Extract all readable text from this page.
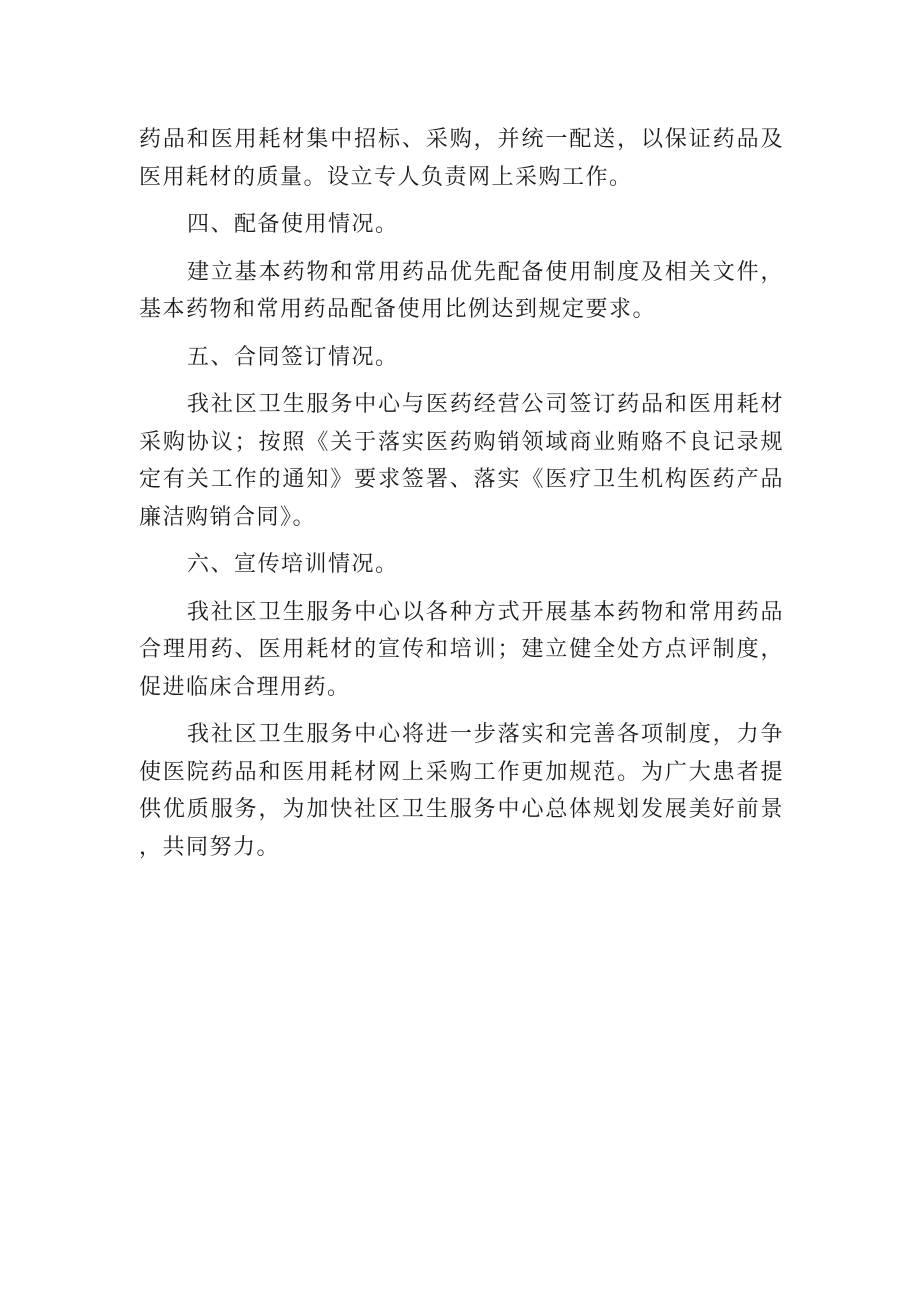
药品和医用耗材集中招标、采购，并统一配送，以保证药品及医用耗材的质量。设立专人负责网上采购工作。

四、配备使用情况。

建立基本药物和常用药品优先配备使用制度及相关文件，基本药物和常用药品配备使用比例达到规定要求。

五、合同签订情况。

我社区卫生服务中心与医药经营公司签订药品和医用耗材采购协议；按照《关于落实医药购销领域商业贿赂不良记录规定有关工作的通知》要求签署、落实《医疗卫生机构医药产品廉洁购销合同》。

六、宣传培训情况。

我社区卫生服务中心以各种方式开展基本药物和常用药品合理用药、医用耗材的宣传和培训；建立健全处方点评制度，促进临床合理用药。

我社区卫生服务中心将进一步落实和完善各项制度，力争使医院药品和医用耗材网上采购工作更加规范。为广大患者提供优质服务，为加快社区卫生服务中心总体规划发展美好前景，共同努力。
